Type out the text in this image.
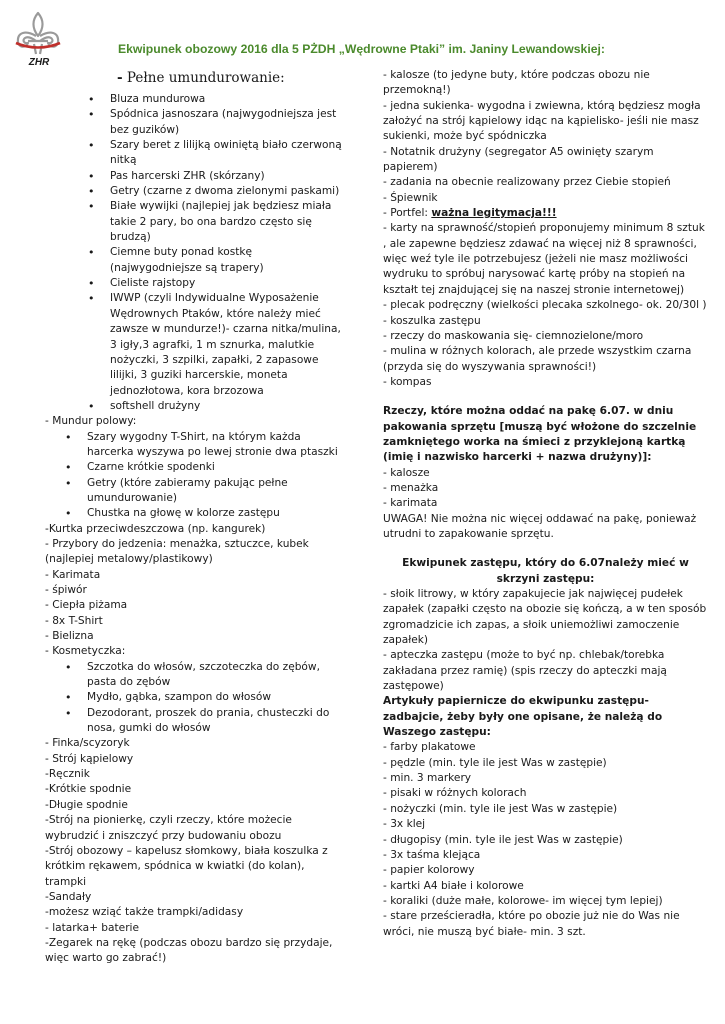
ZHR
Ekwipunek obozowy 2016 dla 5 PŻDH „Wędrowne Ptaki” im. Janiny Lewandowskiej:
- Pełne umundurowanie:
• Bluza mundurowa
• Spódnica jasnoszara (najwygodniejsza jest bez guzików)
• Szary beret z lilijką owiniętą biało czerwoną nitką
• Pas harcerski ZHR (skórzany)
• Getry (czarne z dwoma zielonymi paskami)
• Białe wywijki (najlepiej jak będziesz miała takie 2 pary, bo ona bardzo często się brudzą)
• Ciemne buty ponad kostkę (najwygodniejsze są trapery)
• Cieliste rajstopy
• IWWP (czyli Indywidualne Wyposażenie Wędrownych Ptaków, które należy mieć zawsze w mundurze!)- czarna nitka/mulina, 3 igły,3 agrafki, 1 m sznurka, malutkie nożyczki, 3 szpilki, zapałki, 2 zapasowe lilijki, 3 guziki harcerskie, moneta jednozłotowa, kora brzozowa
• softshell drużyny
- Mundur polowy:
• Szary wygodny T-Shirt, na którym każda harcerka wyszywa po lewej stronie dwa ptaszki
• Czarne krótkie spodenki
• Getry (które zabieramy pakując pełne umundurowanie)
• Chustka na głowę w kolorze zastępu
-Kurtka przeciwdeszczowa (np. kangurek)
- Przybory do jedzenia: menażka, sztuczce, kubek (najlepiej metalowy/plastikowy)
- Karimata
- śpiwór
- Ciepła piżama
- 8x T-Shirt
- Bielizna
- Kosmetyczka:
• Szczotka do włosów, szczoteczka do zębów, pasta do zębów
• Mydło, gąbka, szampon do włosów
• Dezodorant, proszek do prania, chusteczki do nosa, gumki do włosów
- Finka/scyzoryk
- Strój kąpielowy
-Ręcznik
-Krótkie spodnie
-Długie spodnie
-Strój na pionierkę, czyli rzeczy, które możecie wybrudzić i zniszczyć przy budowaniu obozu
-Strój obozowy – kapelusz słomkowy, biała koszulka z krótkim rękawem, spódnica w kwiatki (do kolan), trampki
-Sandały
-możesz wziąć także trampki/adidasy
- latarka+ baterie
-Zegarek na rękę (podczas obozu bardzo się przydaje, więc warto go zabrać!)
- kalosze (to jedyne buty, które podczas obozu nie przemokną!)
- jedna sukienka- wygodna i zwiewna, którą będziesz mogła założyć na strój kąpielowy idąc na kąpielisko- jeśli nie masz sukienki, może być spódniczka
- Notatnik drużyny (segregator A5 owinięty szarym papierem)
- zadania na obecnie realizowany przez Ciebie stopień
- Śpiewnik
- Portfel: ważna legitymacja!!!
- karty na sprawność/stopień proponujemy minimum 8 sztuk , ale zapewne będziesz zdawać na więcej niż 8 sprawności, więc weź tyle ile potrzebujesz (jeżeli nie masz możliwości wydruku to spróbuj narysować kartę próby na stopień na kształt tej znajdującej się na naszej stronie internetowej)
- plecak podręczny (wielkości plecaka szkolnego- ok. 20/30l )
- koszulka zastępu
- rzeczy do maskowania się- ciemnozielone/moro
- mulina w różnych kolorach, ale przede wszystkim czarna (przyda się do wyszywania sprawności!)
- kompas
Rzeczy, które można oddać na pakę 6.07. w dniu pakowania sprzętu [muszą być włożone do szczelnie zamkniętego worka na śmieci z przyklejoną kartką (imię i nazwisko harcerki + nazwa drużyny)]:
- kalosze
- menażka
- karimata
UWAGA! Nie można nic więcej oddawać na pakę, ponieważ utrudni to zapakowanie sprzętu.
Ekwipunek zastępu, który do 6.07należy mieć w skrzyni zastępu:
- słoik litrowy, w który zapakujecie jak najwięcej pudełek zapałek (zapałki często na obozie się kończą, a w ten sposób zgromadzicie ich zapas, a słoik uniemożliwi zamoczenie zapałek)
- apteczka zastępu (może to być np. chlebak/torebka zakładana przez ramię) (spis rzeczy do apteczki mają zastępowe)
Artykuły papiernicze do ekwipunku zastępu- zadbajcie, żeby były one opisane, że należą do Waszego zastępu:
- farby plakatowe
- pędzle (min. tyle ile jest Was w zastępie)
- min. 3 markery
- pisaki w różnych kolorach
- nożyczki (min. tyle ile jest Was w zastępie)
- 3x klej
- długopisy (min. tyle ile jest Was w zastępie)
- 3x taśma klejąca
- papier kolorowy
- kartki A4 białe i kolorowe
- koraliki (duże małe, kolorowe- im więcej tym lepiej)
- stare prześcieradła, które po obozie już nie do Was nie wróci, nie muszą być białe- min. 3 szt.
